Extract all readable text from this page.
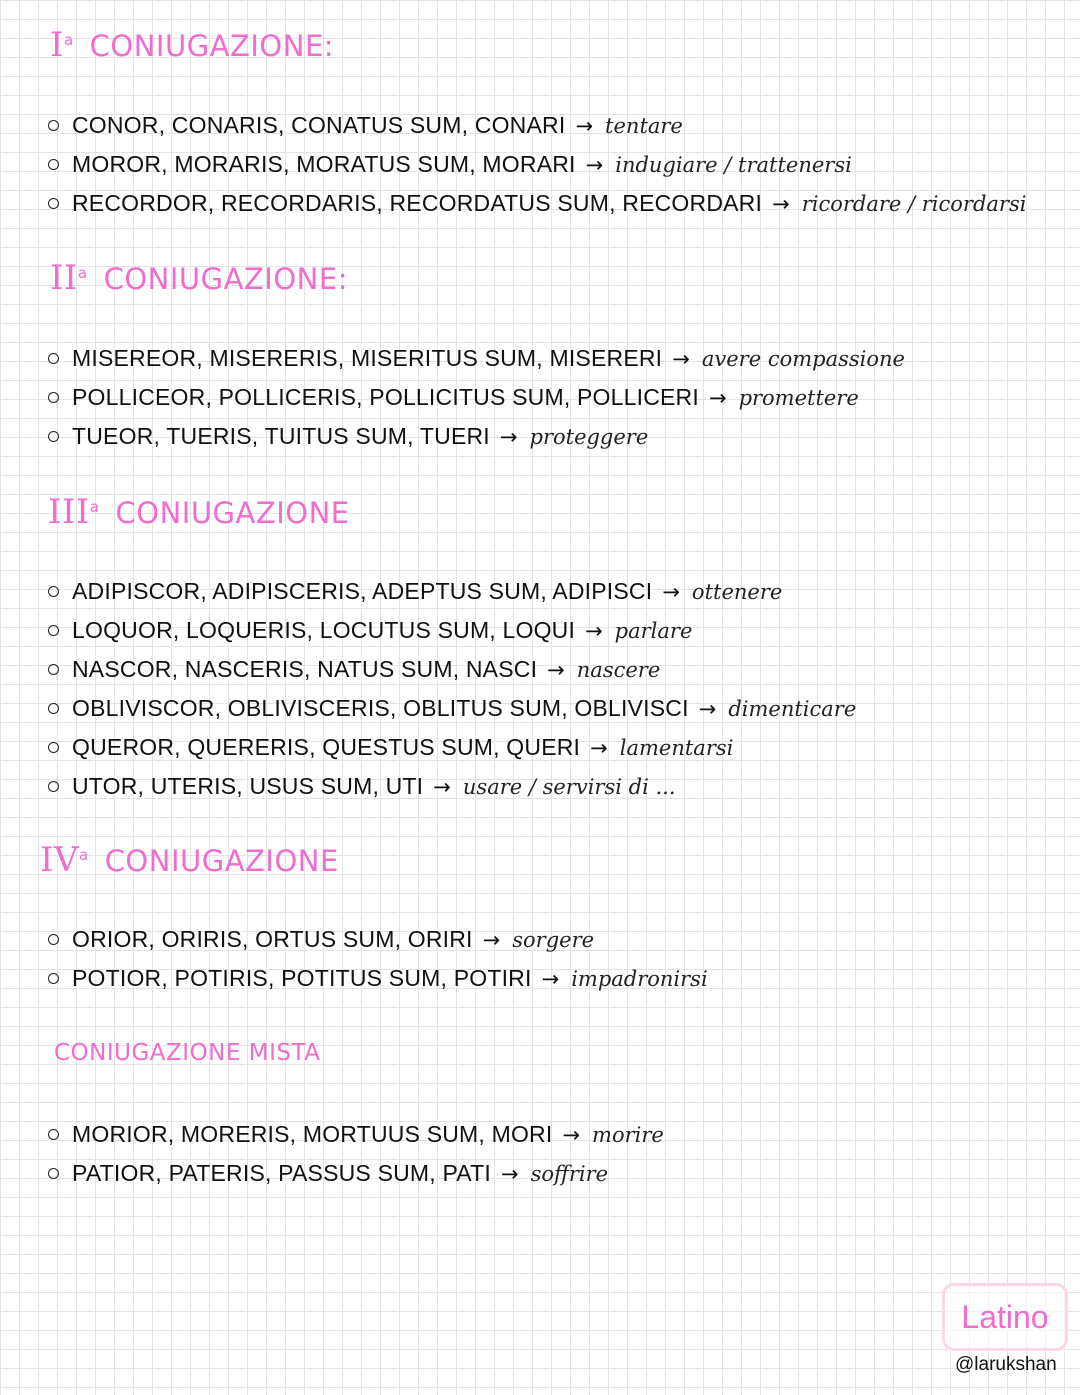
$I^a$ CONIUGAZIONE:
CONOR, CONARIS, CONATUS SUM, CONARI → tentare
MOROR, MORARIS, MORATUS SUM, MORARI → indugiare / trattenersi
RECORDOR, RECORDARIS, RECORDATUS SUM, RECORDARI → ricordare / ricordarsi
$II^a$ CONIUGAZIONE:
MISEREOR, MISERERIS, MISERITUS SUM, MISERERI → avere compassione
POLLICEOR, POLLICERIS, POLLICITUS SUM, POLLICERI → promettere
TUEOR, TUERIS, TUITUS SUM, TUERI → proteggere
III$^a$ CONIUGAZIONE
ADIPISCOR, ADIPISCERIS, ADEPTUS SUM, ADIPISCI → ottenere
LOQUOR, LOQUERIS, LOCUTUS SUM, LOQUI → parlare
NASCOR, NASCERIS, NATUS SUM, NASCI → nascere
OBLIVISCOR, OBLIVISCERIS, OBLITUS SUM, OBLIVISCI → dimenticare
QUEROR, QUERERIS, QUESTUS SUM, QUERI → lamentarsi
UTOR, UTERIS, USUS SUM, UTI → usare / servirsi di ...
$IV^a$ CONIUGAZIONE
ORIOR, ORIRIS, ORTUS SUM, ORIRI → sorgere
POTIOR, POTIRIS, POTITUS SUM, POTIRI → impadronirsi
CONIUGAZIONE MISTA
MORIOR, MORERIS, MORTUUS SUM, MORI → morire
PATIOR, PATERIS, PASSUS SUM, PATI → soffrire
Latino
@larukshan
